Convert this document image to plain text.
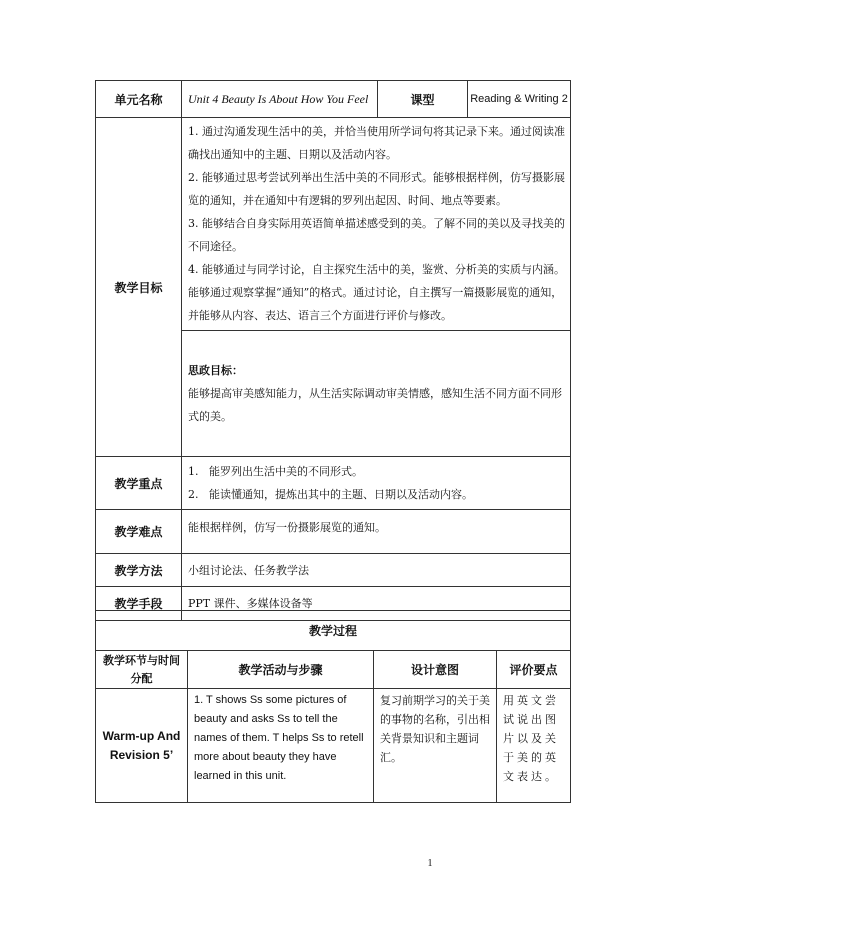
单元名称	Unit 4 Beauty Is About How You Feel	课型	Reading & Writing 2
教学目标	1. 通过沟通发现生活中的美，并恰当使用所学词句将其记录下来。通过阅读准确找出通知中的主题、日期以及活动内容。

2. 能够通过思考尝试列举出生活中美的不同形式。能够根据样例，仿写摄影展览的通知，并在通知中有逻辑的罗列出起因、时间、地点等要素。

3. 能够结合自身实际用英语简单描述感受到的美。了解不同的美以及寻找美的不同途径。

4. 能够通过与同学讨论，自主探究生活中的美，鉴赏、分析美的实质与内涵。能够通过观察掌握“通知”的格式。通过讨论，自主撰写一篇摄影展览的通知，并能够从内容、表达、语言三个方面进行评价与修改。		

	思政目标：

能够提高审美感知能力，从生活实际调动审美情感，感知生活不同方面不同形式的美。		

教学重点	1.   能罗列出生活中美的不同形式。

2.   能读懂通知，提炼出其中的主题、日期以及活动内容。		

教学难点	能根据样例，仿写一份摄影展览的通知。		
教学方法	小组讨论法、任务教学法		
教学手段	PPT 课件、多媒体设备等		
教学过程			
教学环节与时间分配	教学活动与步骤	设计意图	评价要点
Warm-up And Revision 5’	1. T shows Ss some pictures of beauty and asks Ss to tell the names of them. T helps Ss to retell more about beauty they have learned in this unit.	复习前期学习的关于美的事物的名称，引出相关背景知识和主题词汇。	用英文尝试说出图片以及关于美的英文表达。
1
